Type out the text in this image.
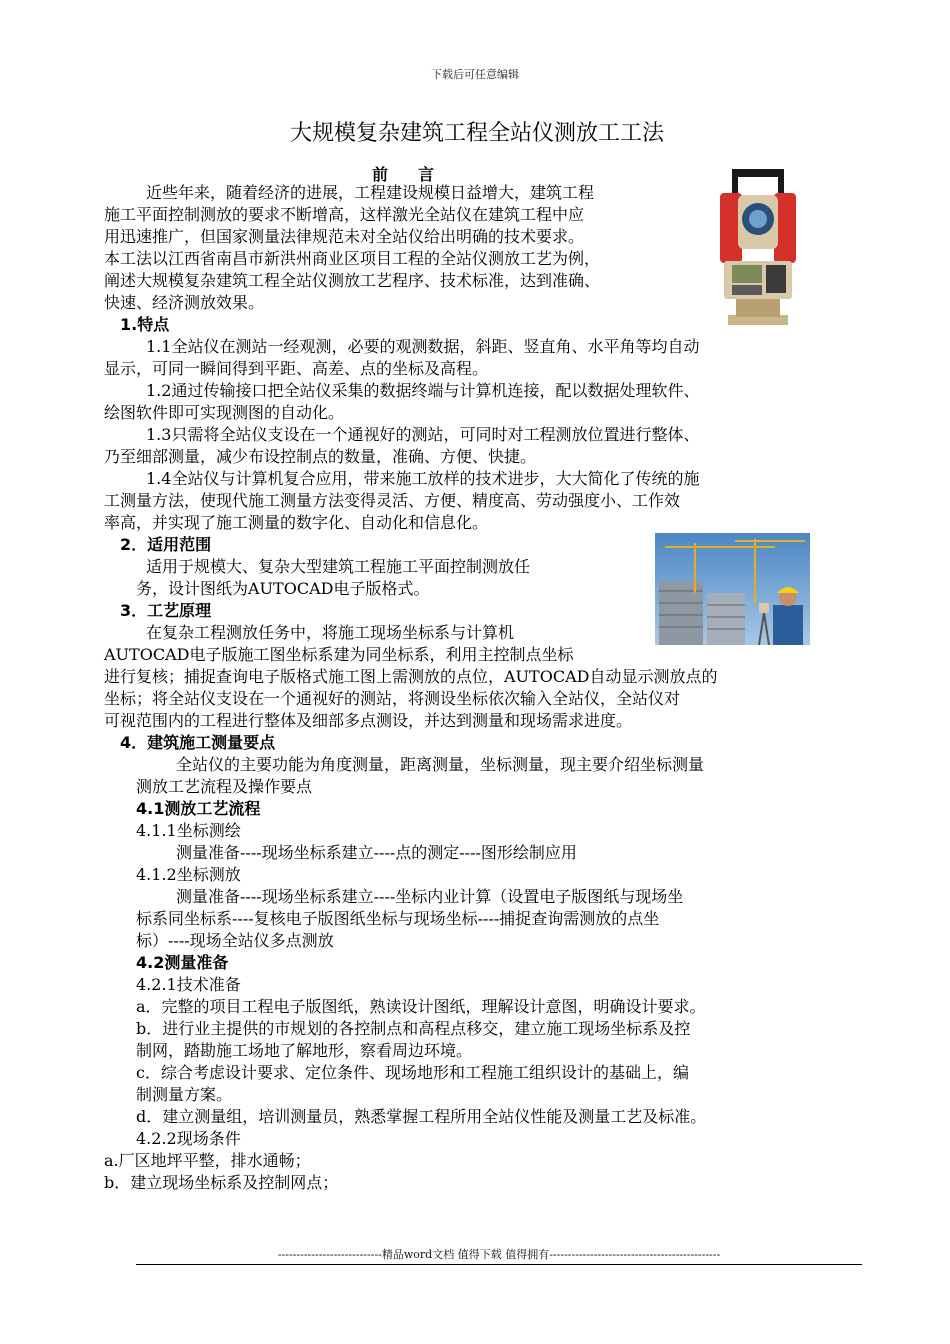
下载后可任意编辑
大规模复杂建筑工程全站仪测放工工法
前言
近些年来，随着经济的进展，工程建设规模日益增大，建筑工程
施工平面控制测放的要求不断增高，这样激光全站仪在建筑工程中应
用迅速推广，但国家测量法律规范未对全站仪给出明确的技术要求。
本工法以江西省南昌市新洪州商业区项目工程的全站仪测放工艺为例，
阐述大规模复杂建筑工程全站仪测放工艺程序、技术标准，达到准确、
快速、经济测放效果。
1.特点
1.1全站仪在测站一经观测，必要的观测数据，斜距、竖直角、水平角等均自动
显示，可同一瞬间得到平距、高差、点的坐标及高程。
1.2通过传输接口把全站仪采集的数据终端与计算机连接，配以数据处理软件、
绘图软件即可实现测图的自动化。
1.3只需将全站仪支设在一个通视好的测站，可同时对工程测放位置进行整体、
乃至细部测量，减少布设控制点的数量，准确、方便、快捷。
1.4全站仪与计算机复合应用，带来施工放样的技术进步，大大简化了传统的施
工测量方法，使现代施工测量方法变得灵活、方便、精度高、劳动强度小、工作效
率高，并实现了施工测量的数字化、自动化和信息化。
2．适用范围
适用于规模大、复杂大型建筑工程施工平面控制测放任
务，设计图纸为AUTOCAD电子版格式。
3．工艺原理
在复杂工程测放任务中，将施工现场坐标系与计算机
AUTOCAD电子版施工图坐标系建为同坐标系，利用主控制点坐标
进行复核；捕捉查询电子版格式施工图上需测放的点位，AUTOCAD自动显示测放点的
坐标；将全站仪支设在一个通视好的测站，将测设坐标依次输入全站仪，全站仪对
可视范围内的工程进行整体及细部多点测设，并达到测量和现场需求进度。
4．建筑施工测量要点
全站仪的主要功能为角度测量，距离测量，坐标测量，现主要介绍坐标测量
测放工艺流程及操作要点
4.1测放工艺流程
4.1.1坐标测绘
测量准备----现场坐标系建立----点的测定----图形绘制应用
4.1.2坐标测放
测量准备----现场坐标系建立----坐标内业计算（设置电子版图纸与现场坐
标系同坐标系----复核电子版图纸坐标与现场坐标----捕捉查询需测放的点坐
标）----现场全站仪多点测放
4.2测量准备
4.2.1技术准备
a．完整的项目工程电子版图纸，熟读设计图纸，理解设计意图，明确设计要求。
b．进行业主提供的市规划的各控制点和高程点移交，建立施工现场坐标系及控
制网，踏勘施工场地了解地形，察看周边环境。
c．综合考虑设计要求、定位条件、现场地形和工程施工组织设计的基础上，编
制测量方案。
d．建立测量组，培训测量员，熟悉掌握工程所用全站仪性能及测量工艺及标准。
4.2.2现场条件
a.厂区地坪平整，排水通畅；
b．建立现场坐标系及控制网点；
----------------------------精品word文档 值得下载 值得拥有----------------------------------------------
